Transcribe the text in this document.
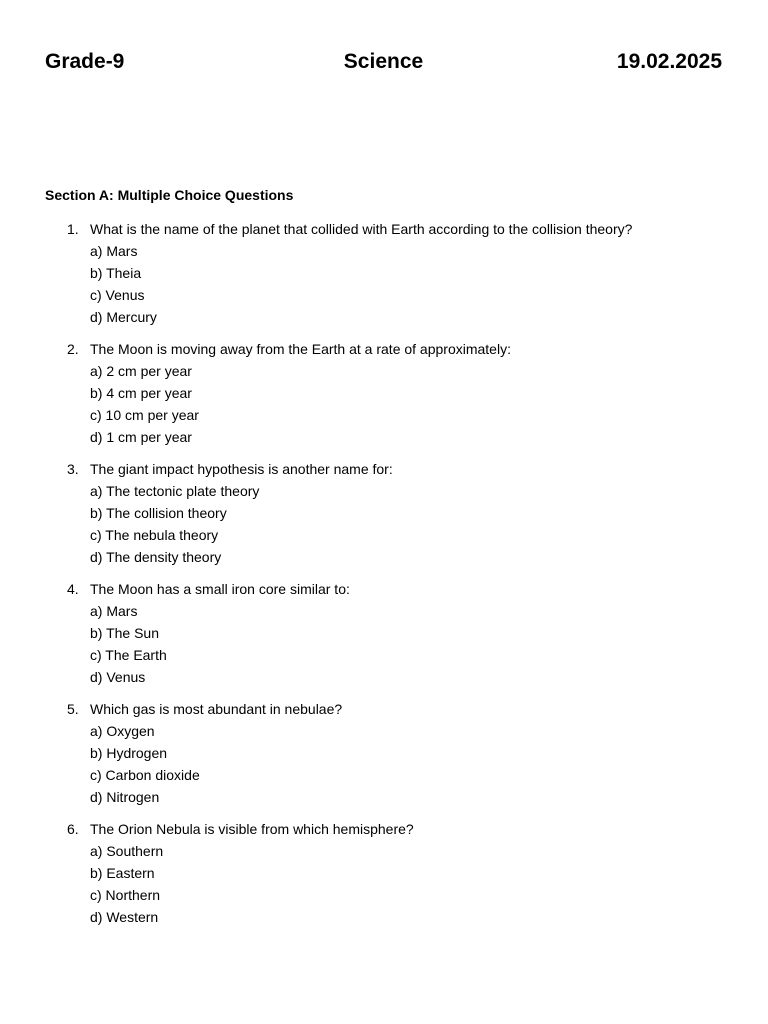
Grade-9	Science	19.02.2025
Section A: Multiple Choice Questions
1. What is the name of the planet that collided with Earth according to the collision theory?
a) Mars
b) Theia
c) Venus
d) Mercury
2. The Moon is moving away from the Earth at a rate of approximately:
a) 2 cm per year
b) 4 cm per year
c) 10 cm per year
d) 1 cm per year
3. The giant impact hypothesis is another name for:
a) The tectonic plate theory
b) The collision theory
c) The nebula theory
d) The density theory
4. The Moon has a small iron core similar to:
a) Mars
b) The Sun
c) The Earth
d) Venus
5. Which gas is most abundant in nebulae?
a) Oxygen
b) Hydrogen
c) Carbon dioxide
d) Nitrogen
6. The Orion Nebula is visible from which hemisphere?
a) Southern
b) Eastern
c) Northern
d) Western
